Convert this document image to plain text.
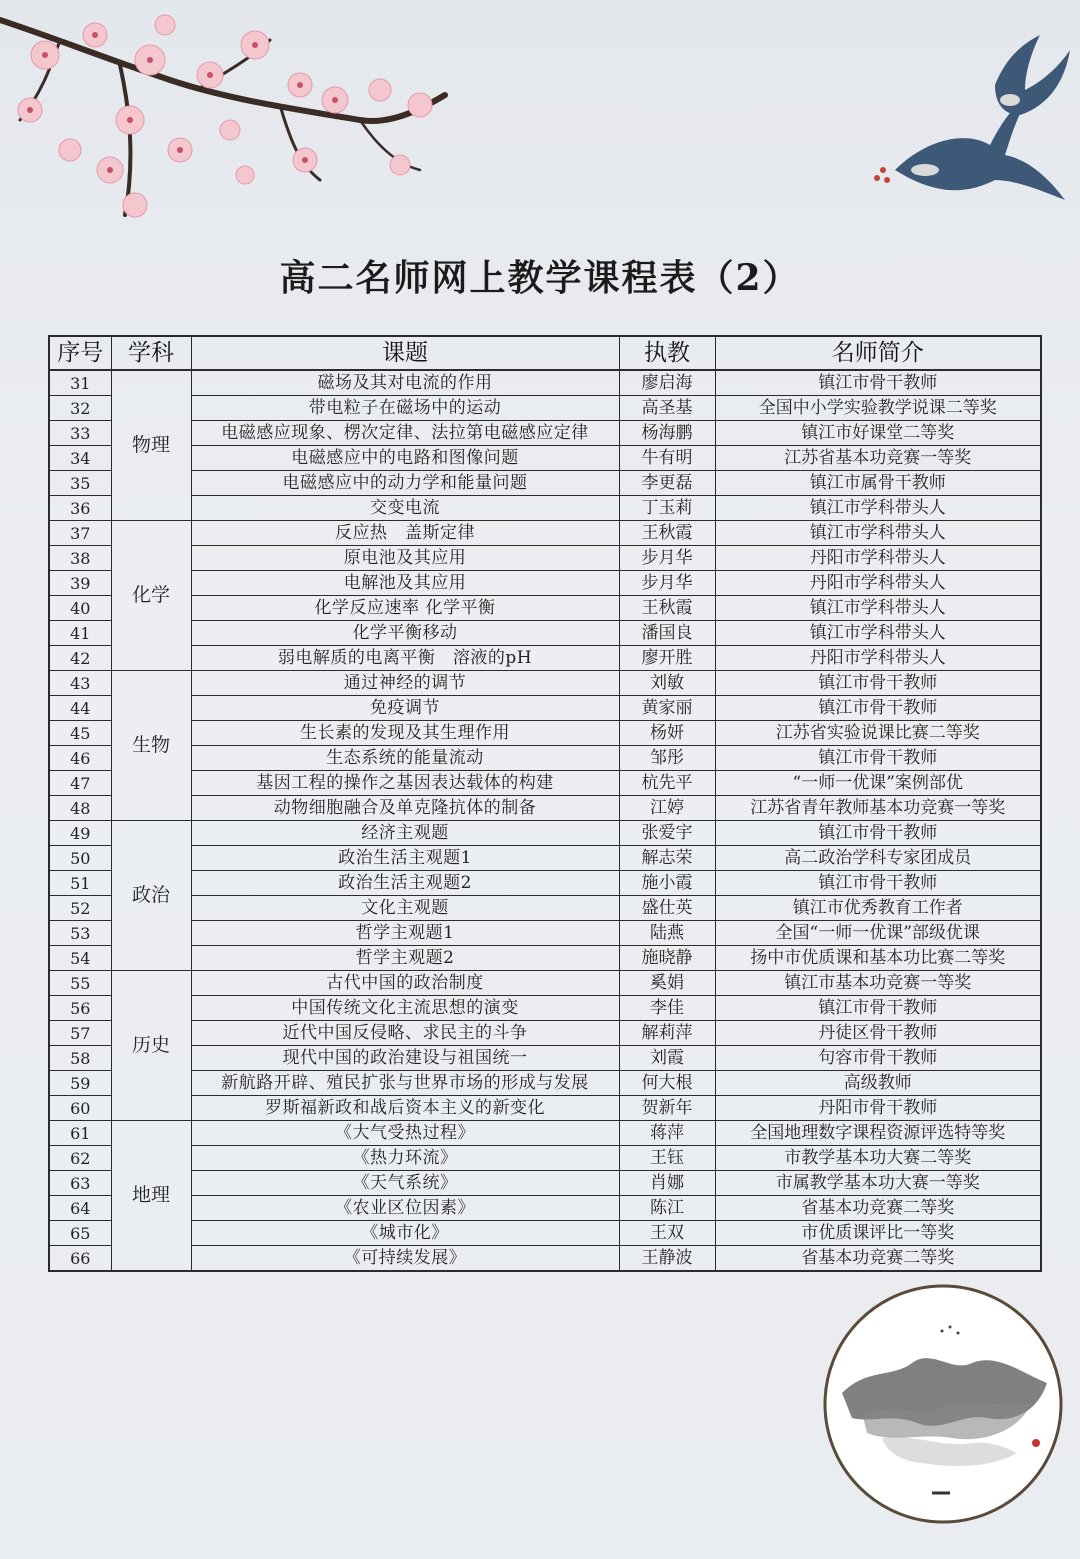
高二名师网上教学课程表（2）
序号	学科	课题	执教	名师简介
31	物理	磁场及其对电流的作用	廖启海	镇江市骨干教师
32		带电粒子在磁场中的运动	高圣基	全国中小学实验教学说课二等奖
33		电磁感应现象、楞次定律、法拉第电磁感应定律	杨海鹏	镇江市好课堂二等奖
34		电磁感应中的电路和图像问题	牛有明	江苏省基本功竞赛一等奖
35		电磁感应中的动力学和能量问题	李更磊	镇江市属骨干教师
36		交变电流	丁玉莉	镇江市学科带头人
37	化学	反应热　盖斯定律	王秋霞	镇江市学科带头人
38		原电池及其应用	步月华	丹阳市学科带头人
39		电解池及其应用	步月华	丹阳市学科带头人
40		化学反应速率 化学平衡	王秋霞	镇江市学科带头人
41		化学平衡移动	潘国良	镇江市学科带头人
42		弱电解质的电离平衡　溶液的pH	廖开胜	丹阳市学科带头人
43	生物	通过神经的调节	刘敏	镇江市骨干教师
44		免疫调节	黄家丽	镇江市骨干教师
45		生长素的发现及其生理作用	杨妍	江苏省实验说课比赛二等奖
46		生态系统的能量流动	邹彤	镇江市骨干教师
47		基因工程的操作之基因表达载体的构建	杭先平	“一师一优课”案例部优
48		动物细胞融合及单克隆抗体的制备	江婷	江苏省青年教师基本功竞赛一等奖
49	政治	经济主观题	张爱宇	镇江市骨干教师
50		政治生活主观题1	解志荣	高二政治学科专家团成员
51		政治生活主观题2	施小霞	镇江市骨干教师
52		文化主观题	盛仕英	镇江市优秀教育工作者
53		哲学主观题1	陆燕	全国“一师一优课”部级优课
54		哲学主观题2	施晓静	扬中市优质课和基本功比赛二等奖
55	历史	古代中国的政治制度	奚娟	镇江市基本功竞赛一等奖
56		中国传统文化主流思想的演变	李佳	镇江市骨干教师
57		近代中国反侵略、求民主的斗争	解莉萍	丹徒区骨干教师
58		现代中国的政治建设与祖国统一	刘霞	句容市骨干教师
59		新航路开辟、殖民扩张与世界市场的形成与发展	何大根	高级教师
60		罗斯福新政和战后资本主义的新变化	贺新年	丹阳市骨干教师
61	地理	《大气受热过程》	蒋萍	全国地理数字课程资源评选特等奖
62		《热力环流》	王钰	市教学基本功大赛二等奖
63		《天气系统》	肖娜	市属教学基本功大赛一等奖
64		《农业区位因素》	陈江	省基本功竞赛二等奖
65		《城市化》	王双	市优质课评比一等奖
66		《可持续发展》	王静波	省基本功竞赛二等奖
